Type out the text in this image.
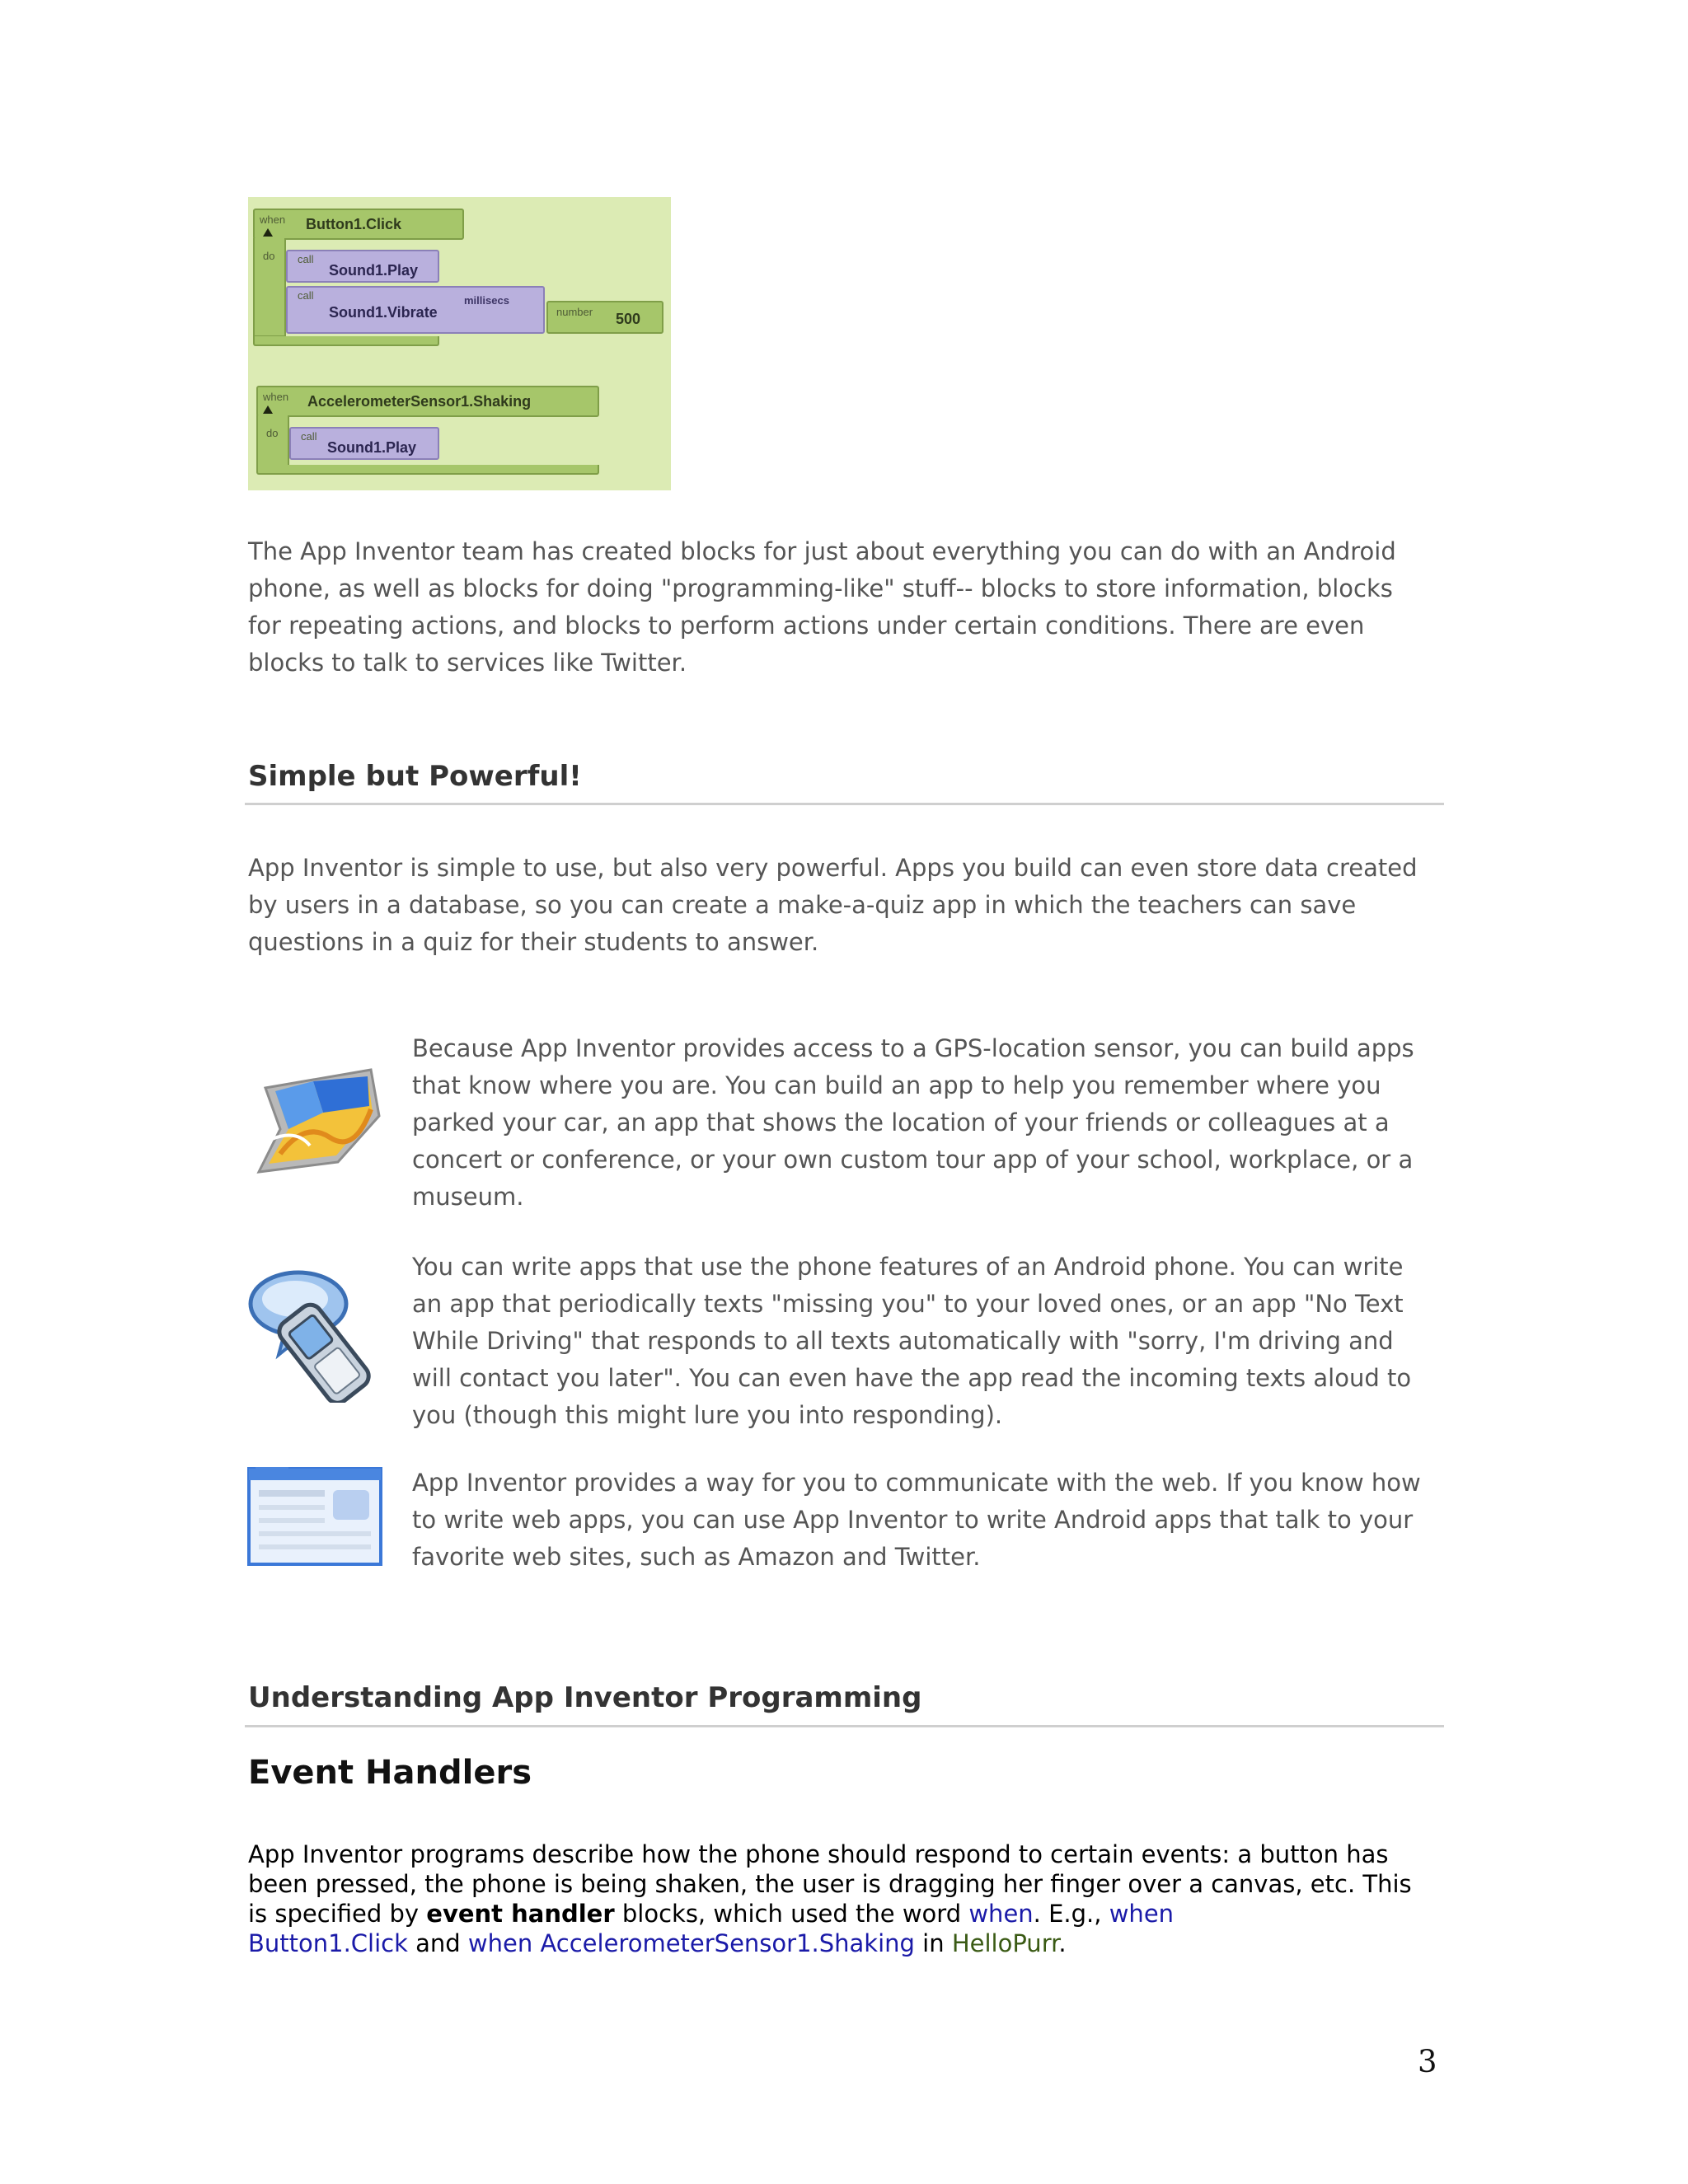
when Button1.Click
do call
Sound1.Play
call
Sound1.Vibrate
millisecs
number 500
when AccelerometerSensor1.Shaking
do call
Sound1.Play

The App Inventor team has created blocks for just about everything you can do with an Android
phone, as well as blocks for doing "programming-like" stuff-- blocks to store information, blocks
for repeating actions, and blocks to perform actions under certain conditions. There are even
blocks to talk to services like Twitter.

Simple but Powerful!

App Inventor is simple to use, but also very powerful. Apps you build can even store data created
by users in a database, so you can create a make-a-quiz app in which the teachers can save
questions in a quiz for their students to answer.

Because App Inventor provides access to a GPS-location sensor, you can build apps
that know where you are. You can build an app to help you remember where you
parked your car, an app that shows the location of your friends or colleagues at a
concert or conference, or your own custom tour app of your school, workplace, or a
museum.

You can write apps that use the phone features of an Android phone. You can write
an app that periodically texts "missing you" to your loved ones, or an app "No Text
While Driving" that responds to all texts automatically with "sorry, I'm driving and
will contact you later". You can even have the app read the incoming texts aloud to
you (though this might lure you into responding).

App Inventor provides a way for you to communicate with the web. If you know how
to write web apps, you can use App Inventor to write Android apps that talk to your
favorite web sites, such as Amazon and Twitter.

Understanding App Inventor Programming
Event Handlers

App Inventor programs describe how the phone should respond to certain events: a button has
been pressed, the phone is being shaken, the user is dragging her finger over a canvas, etc. This
is specified by event handler blocks, which used the word when. E.g., when
Button1.Click and when AccelerometerSensor1.Shaking in HelloPurr.

3
